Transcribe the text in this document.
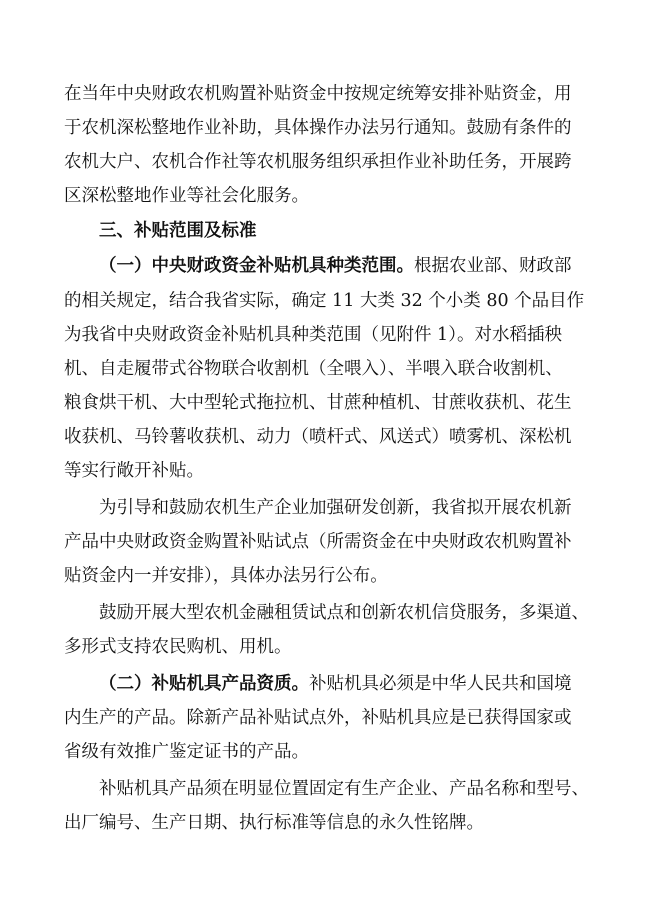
在当年中央财政农机购置补贴资金中按规定统筹安排补贴资金，用
于农机深松整地作业补助，具体操作办法另行通知。鼓励有条件的
农机大户、农机合作社等农机服务组织承担作业补助任务，开展跨
区深松整地作业等社会化服务。
三、补贴范围及标准
（一）中央财政资金补贴机具种类范围。根据农业部、财政部
的相关规定，结合我省实际，确定 11 大类 32 个小类 80 个品目作
为我省中央财政资金补贴机具种类范围（见附件 1）。对水稻插秧
机、自走履带式谷物联合收割机（全喂入）、半喂入联合收割机、
粮食烘干机、大中型轮式拖拉机、甘蔗种植机、甘蔗收获机、花生
收获机、马铃薯收获机、动力（喷杆式、风送式）喷雾机、深松机
等实行敞开补贴。
为引导和鼓励农机生产企业加强研发创新，我省拟开展农机新
产品中央财政资金购置补贴试点（所需资金在中央财政农机购置补
贴资金内一并安排），具体办法另行公布。
鼓励开展大型农机金融租赁试点和创新农机信贷服务，多渠道、
多形式支持农民购机、用机。
（二）补贴机具产品资质。补贴机具必须是中华人民共和国境
内生产的产品。除新产品补贴试点外，补贴机具应是已获得国家或
省级有效推广鉴定证书的产品。
补贴机具产品须在明显位置固定有生产企业、产品名称和型号、
出厂编号、生产日期、执行标准等信息的永久性铭牌。
